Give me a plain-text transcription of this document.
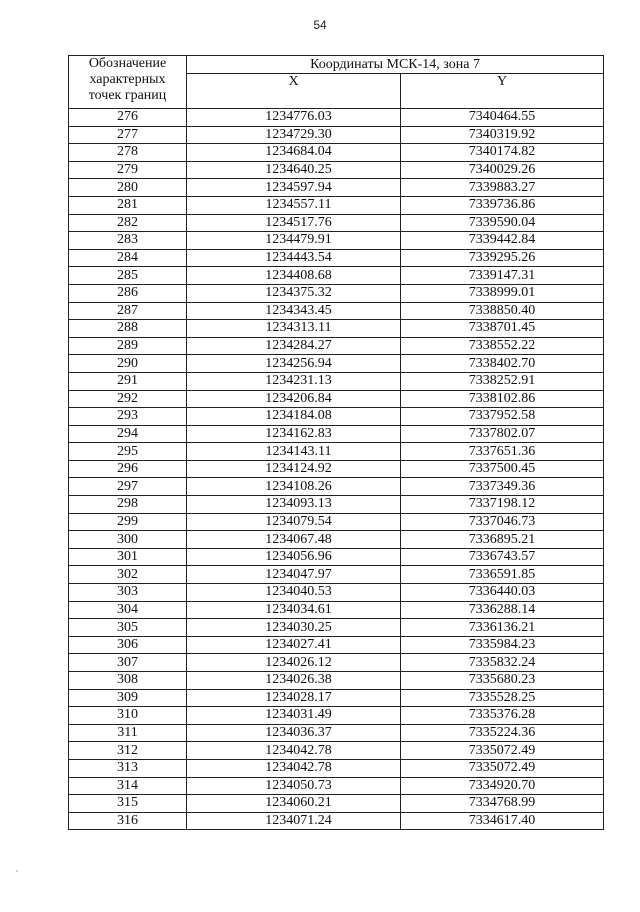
54
Обозначение
характерных
точек границ	Координаты МСК-14, зона 7	
	X	Y
276	1234776.03	7340464.55
277	1234729.30	7340319.92
278	1234684.04	7340174.82
279	1234640.25	7340029.26
280	1234597.94	7339883.27
281	1234557.11	7339736.86
282	1234517.76	7339590.04
283	1234479.91	7339442.84
284	1234443.54	7339295.26
285	1234408.68	7339147.31
286	1234375.32	7338999.01
287	1234343.45	7338850.40
288	1234313.11	7338701.45
289	1234284.27	7338552.22
290	1234256.94	7338402.70
291	1234231.13	7338252.91
292	1234206.84	7338102.86
293	1234184.08	7337952.58
294	1234162.83	7337802.07
295	1234143.11	7337651.36
296	1234124.92	7337500.45
297	1234108.26	7337349.36
298	1234093.13	7337198.12
299	1234079.54	7337046.73
300	1234067.48	7336895.21
301	1234056.96	7336743.57
302	1234047.97	7336591.85
303	1234040.53	7336440.03
304	1234034.61	7336288.14
305	1234030.25	7336136.21
306	1234027.41	7335984.23
307	1234026.12	7335832.24
308	1234026.38	7335680.23
309	1234028.17	7335528.25
310	1234031.49	7335376.28
311	1234036.37	7335224.36
312	1234042.78	7335072.49
313	1234042.78	7335072.49
314	1234050.73	7334920.70
315	1234060.21	7334768.99
316	1234071.24	7334617.40
